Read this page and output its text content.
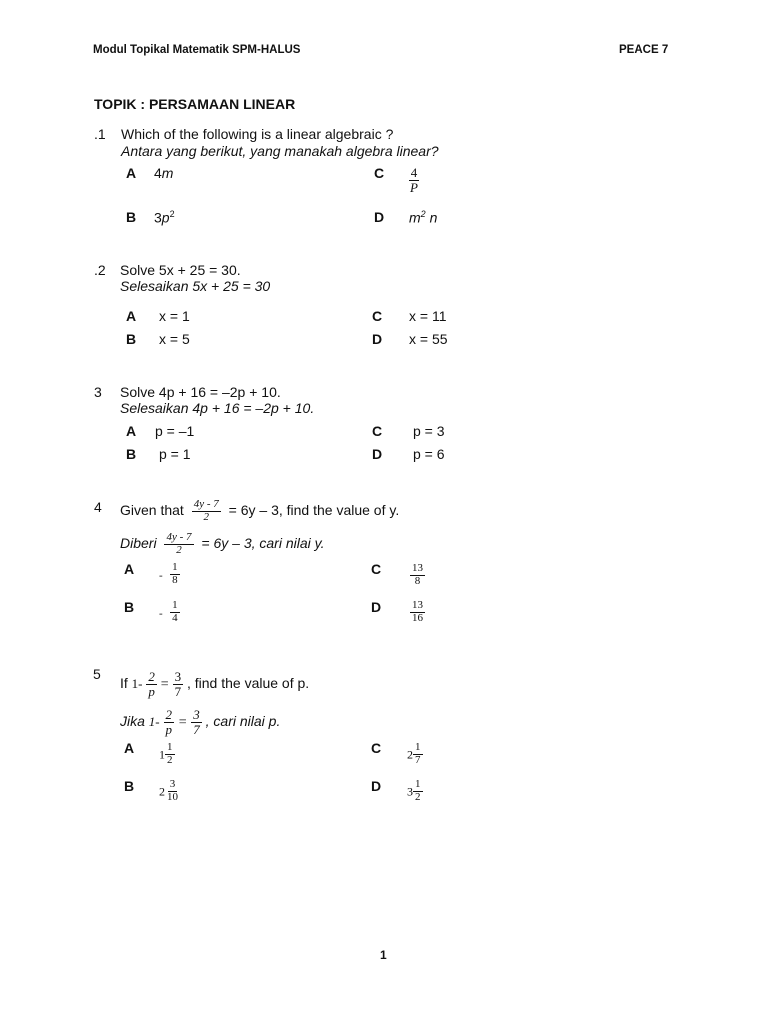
Modul Topikal Matematik SPM-HALUS	PEACE 7
TOPIK : PERSAMAAN LINEAR
.1 Which of the following is a linear algebraic ?
Antara yang berikut, yang manakah algebra linear?
A 4m	C $\frac{4}{P}$
B $3p^2$	D $m^2$ n
.2 Solve 5x + 25 = 30.
Selesaikan 5x + 25 = 30
A x = 1	C x = 11
B x = 5	D x = 55
3 Solve 4p + 16 = –2p + 10.
Selesaikan 4p + 16 = –2p + 10.
A p = –1	C p = 3
B p = 1	D p = 6
4 Given that $\frac{4y - 7}{2} = 6y - 3$, find the value of y.
Diberi $\frac{4y - 7}{2} = 6y - 3$, cari nilai y.
A - $\frac{1}{8}$	C	$\frac{13}{8}$
B - $\frac{1}{4}$	D	$\frac{13}{16}$
5
If $1- \frac{2}{p} = \frac{3}{7}$ , find the value of p.
Jika $1- \frac{2}{p} = \frac{3}{7}$ , cari nilai p.
A $1 \frac{1}{2}$	C $2 \frac{1}{7}$
B $2 \frac{3}{10}$	D $3 \frac{1}{2}$
1
